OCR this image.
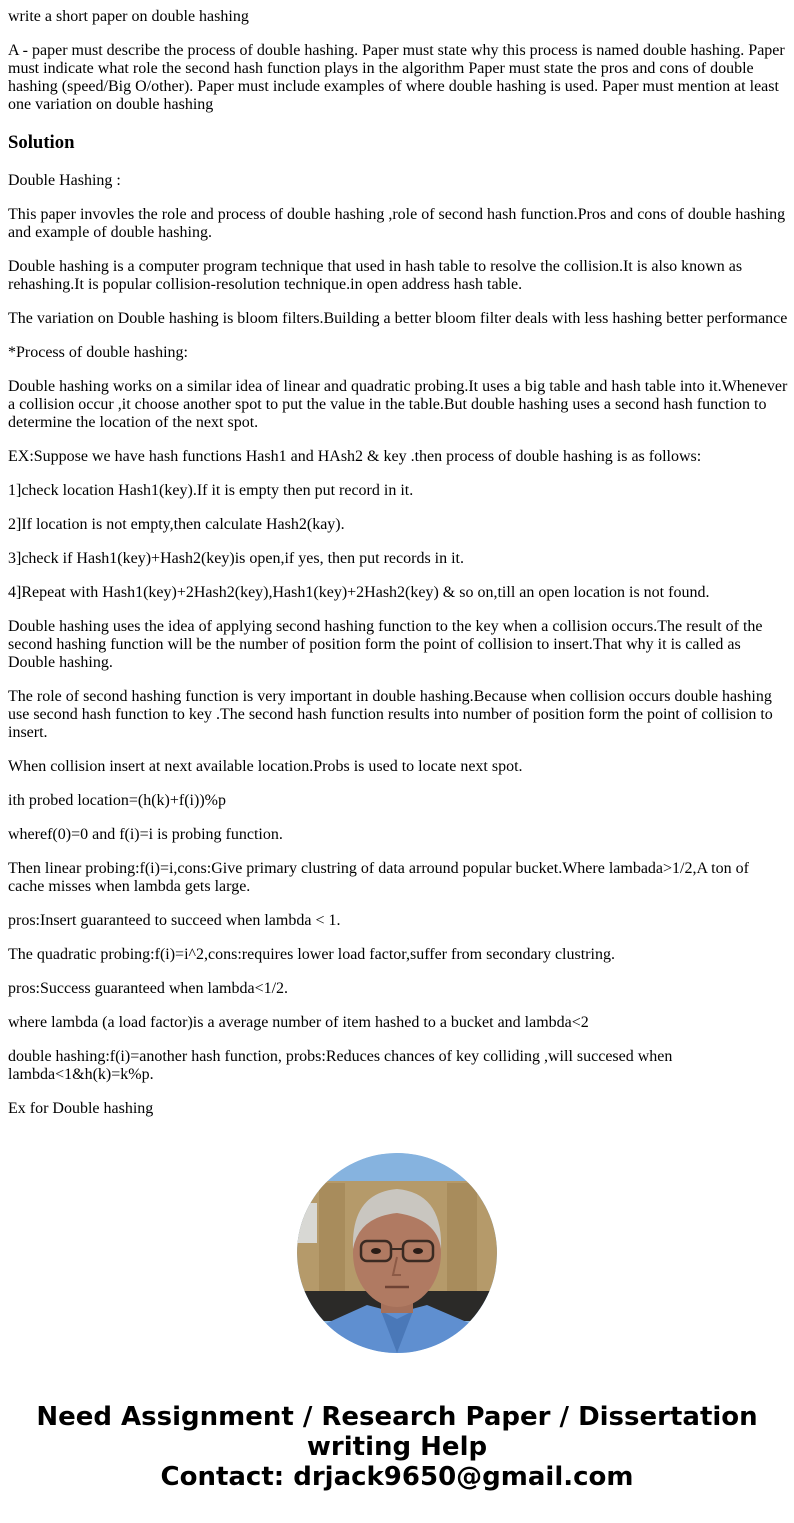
write a short paper on double hashing

A - paper must describe the process of double hashing. Paper must state why this process is named double hashing. Paper must indicate what role the second hash function plays in the algorithm Paper must state the pros and cons of double hashing (speed/Big O/other). Paper must include examples of where double hashing is used. Paper must mention at least one variation on double hashing

Solution

Double Hashing :

This paper invovles the role and process of double hashing ,role of second hash function.Pros and cons of double hashing and example of double hashing.

Double hashing is a computer program technique that used in hash table to resolve the collision.It is also known as rehashing.It is popular collision-resolution technique.in open address hash table.

The variation on Double hashing is bloom filters.Building a better bloom filter deals with less hashing better performance

*Process of double hashing:

Double hashing works on a similar idea of linear and quadratic probing.It uses a big table and hash table into it.Whenever a collision occur ,it choose another spot to put the value in the table.But double hashing uses a second hash function to determine the location of the next spot.

EX:Suppose we have hash functions Hash1 and HAsh2 & key .then process of double hashing is as follows:

1]check location Hash1(key).If it is empty then put record in it.

2]If location is not empty,then calculate Hash2(kay).

3]check if Hash1(key)+Hash2(key)is open,if yes, then put records in it.

4]Repeat with Hash1(key)+2Hash2(key),Hash1(key)+2Hash2(key) & so on,till an open location is not found.

Double hashing uses the idea of applying second hashing function to the key when a collision occurs.The result of the second hashing function will be the number of position form the point of collision to insert.That why it is called as Double hashing.

The role of second hashing function is very important in double hashing.Because when collision occurs double hashing use second hash function to key .The second hash function results into number of position form the point of collision to insert.

When collision insert at next available location.Probs is used to locate next spot.

ith probed location=(h(k)+f(i))%p

wheref(0)=0 and f(i)=i is probing function.

Then linear probing:f(i)=i,cons:Give primary clustring of data arround popular bucket.Where lambada>1/2,A ton of cache misses when lambda gets large.

pros:Insert guaranteed to succeed when lambda < 1.

The quadratic probing:f(i)=i^2,cons:requires lower load factor,suffer from secondary clustring.

pros:Success guaranteed when lambda<1/2.

where lambda (a load factor)is a average number of item hashed to a bucket and lambda<2

double hashing:f(i)=another hash function, probs:Reduces chances of key colliding ,will succesed when lambda<1&h(k)=k%p.

Ex for Double hashing

Need Assignment / Research Paper / Dissertation
writing Help
Contact: drjack9650@gmail.com
